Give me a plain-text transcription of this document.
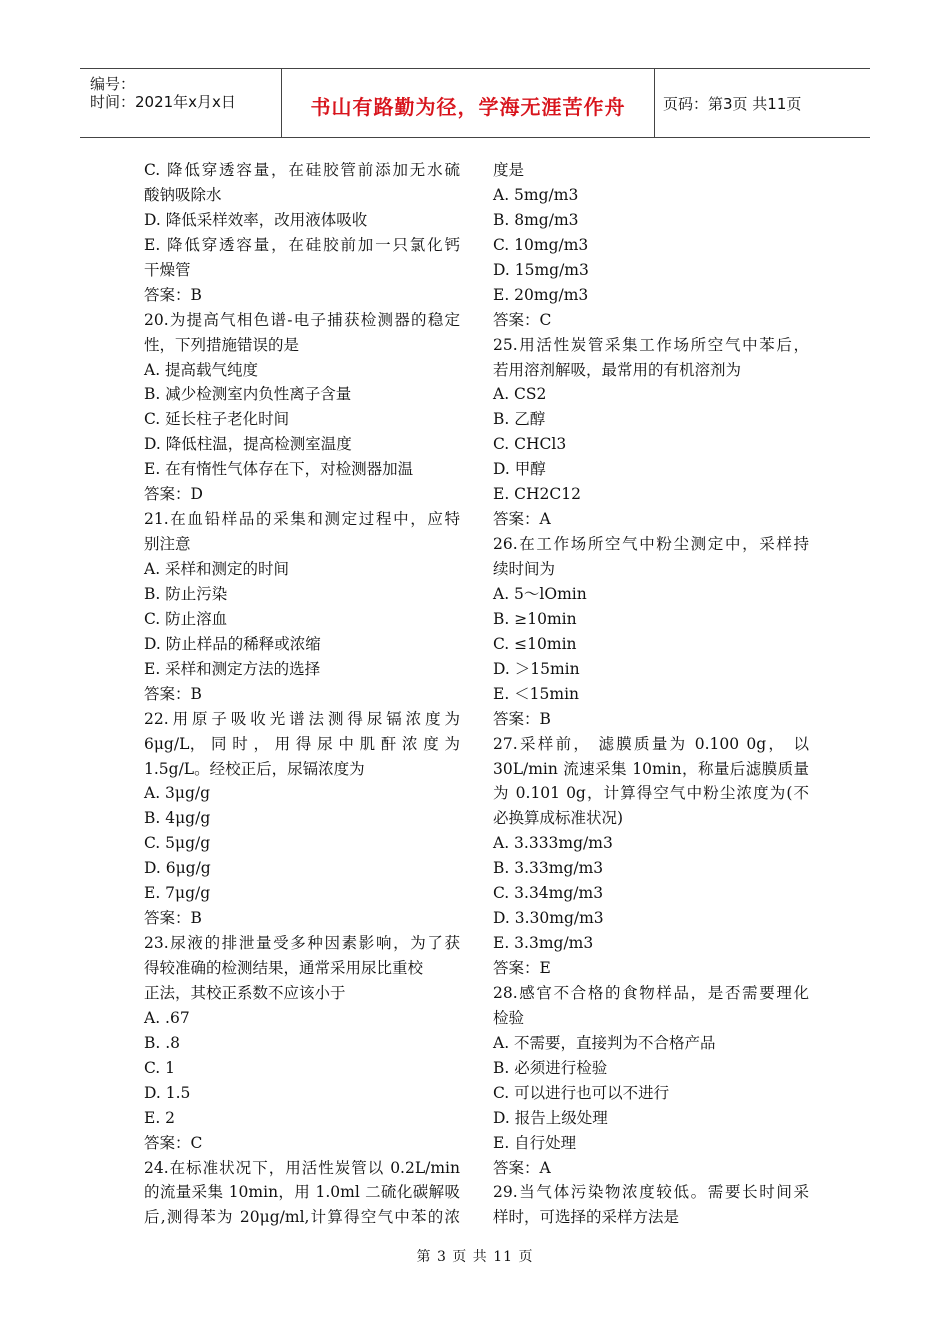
编号：
时间：2021年x月x日	书山有路勤为径，学海无涯苦作舟	页码：第3页 共11页
C. 降低穿透容量，在硅胶管前添加无水硫
酸钠吸除水
D. 降低采样效率，改用液体吸收
E. 降低穿透容量，在硅胶前加一只氯化钙
干燥管
答案：B
20.为提高气相色谱-电子捕获检测器的稳定
性，下列措施错误的是
A. 提高载气纯度
B. 减少检测室内负性离子含量
C. 延长柱子老化时间
D. 降低柱温，提高检测室温度
E. 在有惰性气体存在下，对检测器加温
答案：D
21.在血铅样品的采集和测定过程中，应特
别注意
A. 采样和测定的时间
B. 防止污染
C. 防止溶血
D. 防止样品的稀释或浓缩
E. 采样和测定方法的选择
答案：B
22.用原子吸收光谱法测得尿镉浓度为
6μg/L， 同 时 ， 用 得 尿 中 肌 酐 浓 度 为
1.5g/L。经校正后，尿镉浓度为
A. 3μg/g
B. 4μg/g
C. 5μg/g
D. 6μg/g
E. 7μg/g
答案：B
23.尿液的排泄量受多种因素影响，为了获
得较准确的检测结果，通常采用尿比重校
正法，其校正系数不应该小于
A. .67
B. .8
C. 1
D. 1.5
E. 2
答案：C
24.在标准状况下，用活性炭管以 0.2L/min
的流量采集 10min，用 1.0ml 二硫化碳解吸
后,测得苯为 20μg/ml,计算得空气中苯的浓
度是
A. 5mg/m3
B. 8mg/m3
C. 10mg/m3
D. 15mg/m3
E. 20mg/m3
答案：C
25.用活性炭管采集工作场所空气中苯后，
若用溶剂解吸，最常用的有机溶剂为
A. CS2
B. 乙醇
C. CHCl3
D. 甲醇
E. CH2C12
答案：A
26.在工作场所空气中粉尘测定中，采样持
续时间为
A. 5～lOmin
B. ≥10min
C. ≤10min
D. ＞15min
E. ＜15min
答案：B
27.采样前， 滤膜质量为 0.100 0g， 以
30L/min 流速采集 10min，称量后滤膜质量
为 0.101 0g，计算得空气中粉尘浓度为(不
必换算成标准状况)
A. 3.333mg/m3
B. 3.33mg/m3
C. 3.34mg/m3
D. 3.30mg/m3
E. 3.3mg/m3
答案：E
28.感官不合格的食物样品，是否需要理化
检验
A. 不需要，直接判为不合格产品
B. 必须进行检验
C. 可以进行也可以不进行
D. 报告上级处理
E. 自行处理
答案：A
29.当气体污染物浓度较低。需要长时间采
样时，可选择的采样方法是
第 3 页 共 11 页
